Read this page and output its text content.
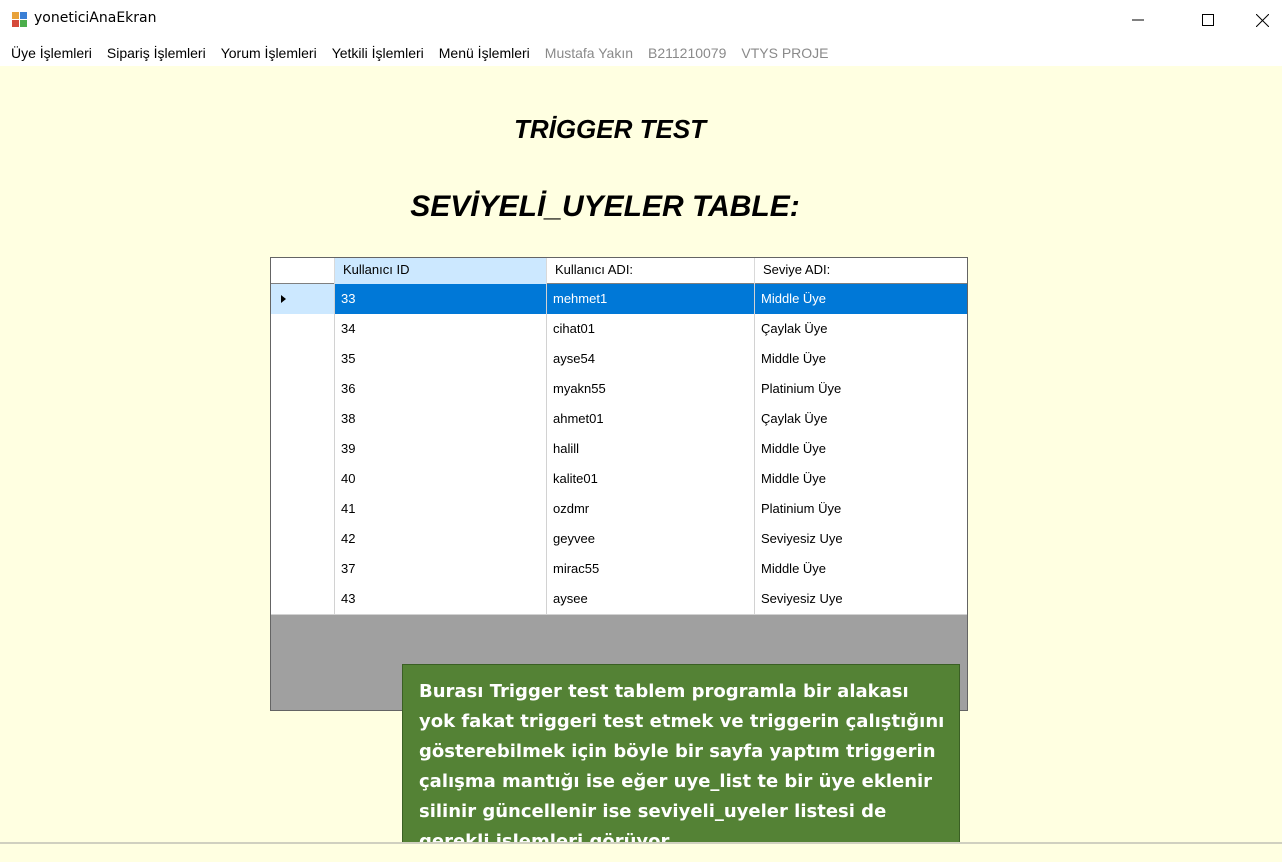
yoneticiAnaEkran
Üye İşlemleri	Sipariş İşlemleri	Yorum İşlemleri	Yetkili İşlemleri	Menü İşlemleri	Mustafa Yakın	B211210079	VTYS PROJE
TRİGGER TEST
SEVİYELİ_UYELER TABLE:
Kullanıcı ID	Kullanıcı ADI:	Seviye ADI:
33	mehmet1	Middle Üye
34	cihat01	Çaylak Üye
35	ayse54	Middle Üye
36	myakn55	Platinium Üye
38	ahmet01	Çaylak Üye
39	halill	Middle Üye
40	kalite01	Middle Üye
41	ozdmr	Platinium Üye
42	geyvee	Seviyesiz Uye
37	mirac55	Middle Üye
43	aysee	Seviyesiz Uye
Burası Trigger test tablem programla bir alakası yok fakat triggeri test etmek ve triggerin çalıştığını gösterebilmek için böyle bir sayfa yaptım triggerin çalışma mantığı ise eğer uye_list te bir üye eklenir silinir güncellenir ise seviyeli_uyeler listesi de
